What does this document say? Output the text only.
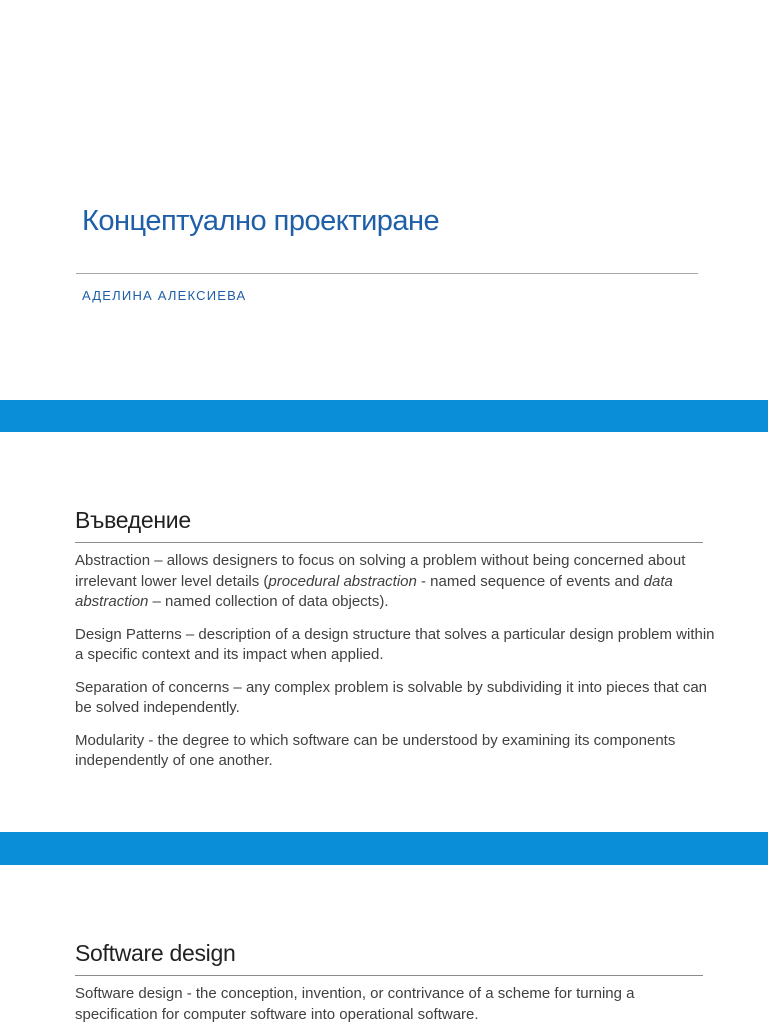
Концептуално проектиране

АДЕЛИНА АЛЕКСИЕВА

Въведение

Abstraction – allows designers to focus on solving a problem without being concerned about irrelevant lower level details (procedural abstraction - named sequence of events and data abstraction – named collection of data objects).

Design Patterns – description of a design structure that solves a particular design problem within a specific context and its impact when applied.

Separation of concerns – any complex problem is solvable by subdividing it into pieces that can be solved independently.

Modularity - the degree to which software can be understood by examining its components independently of one another.

Software design

Software design - the conception, invention, or contrivance of a scheme for turning a specification for computer software into operational software.
